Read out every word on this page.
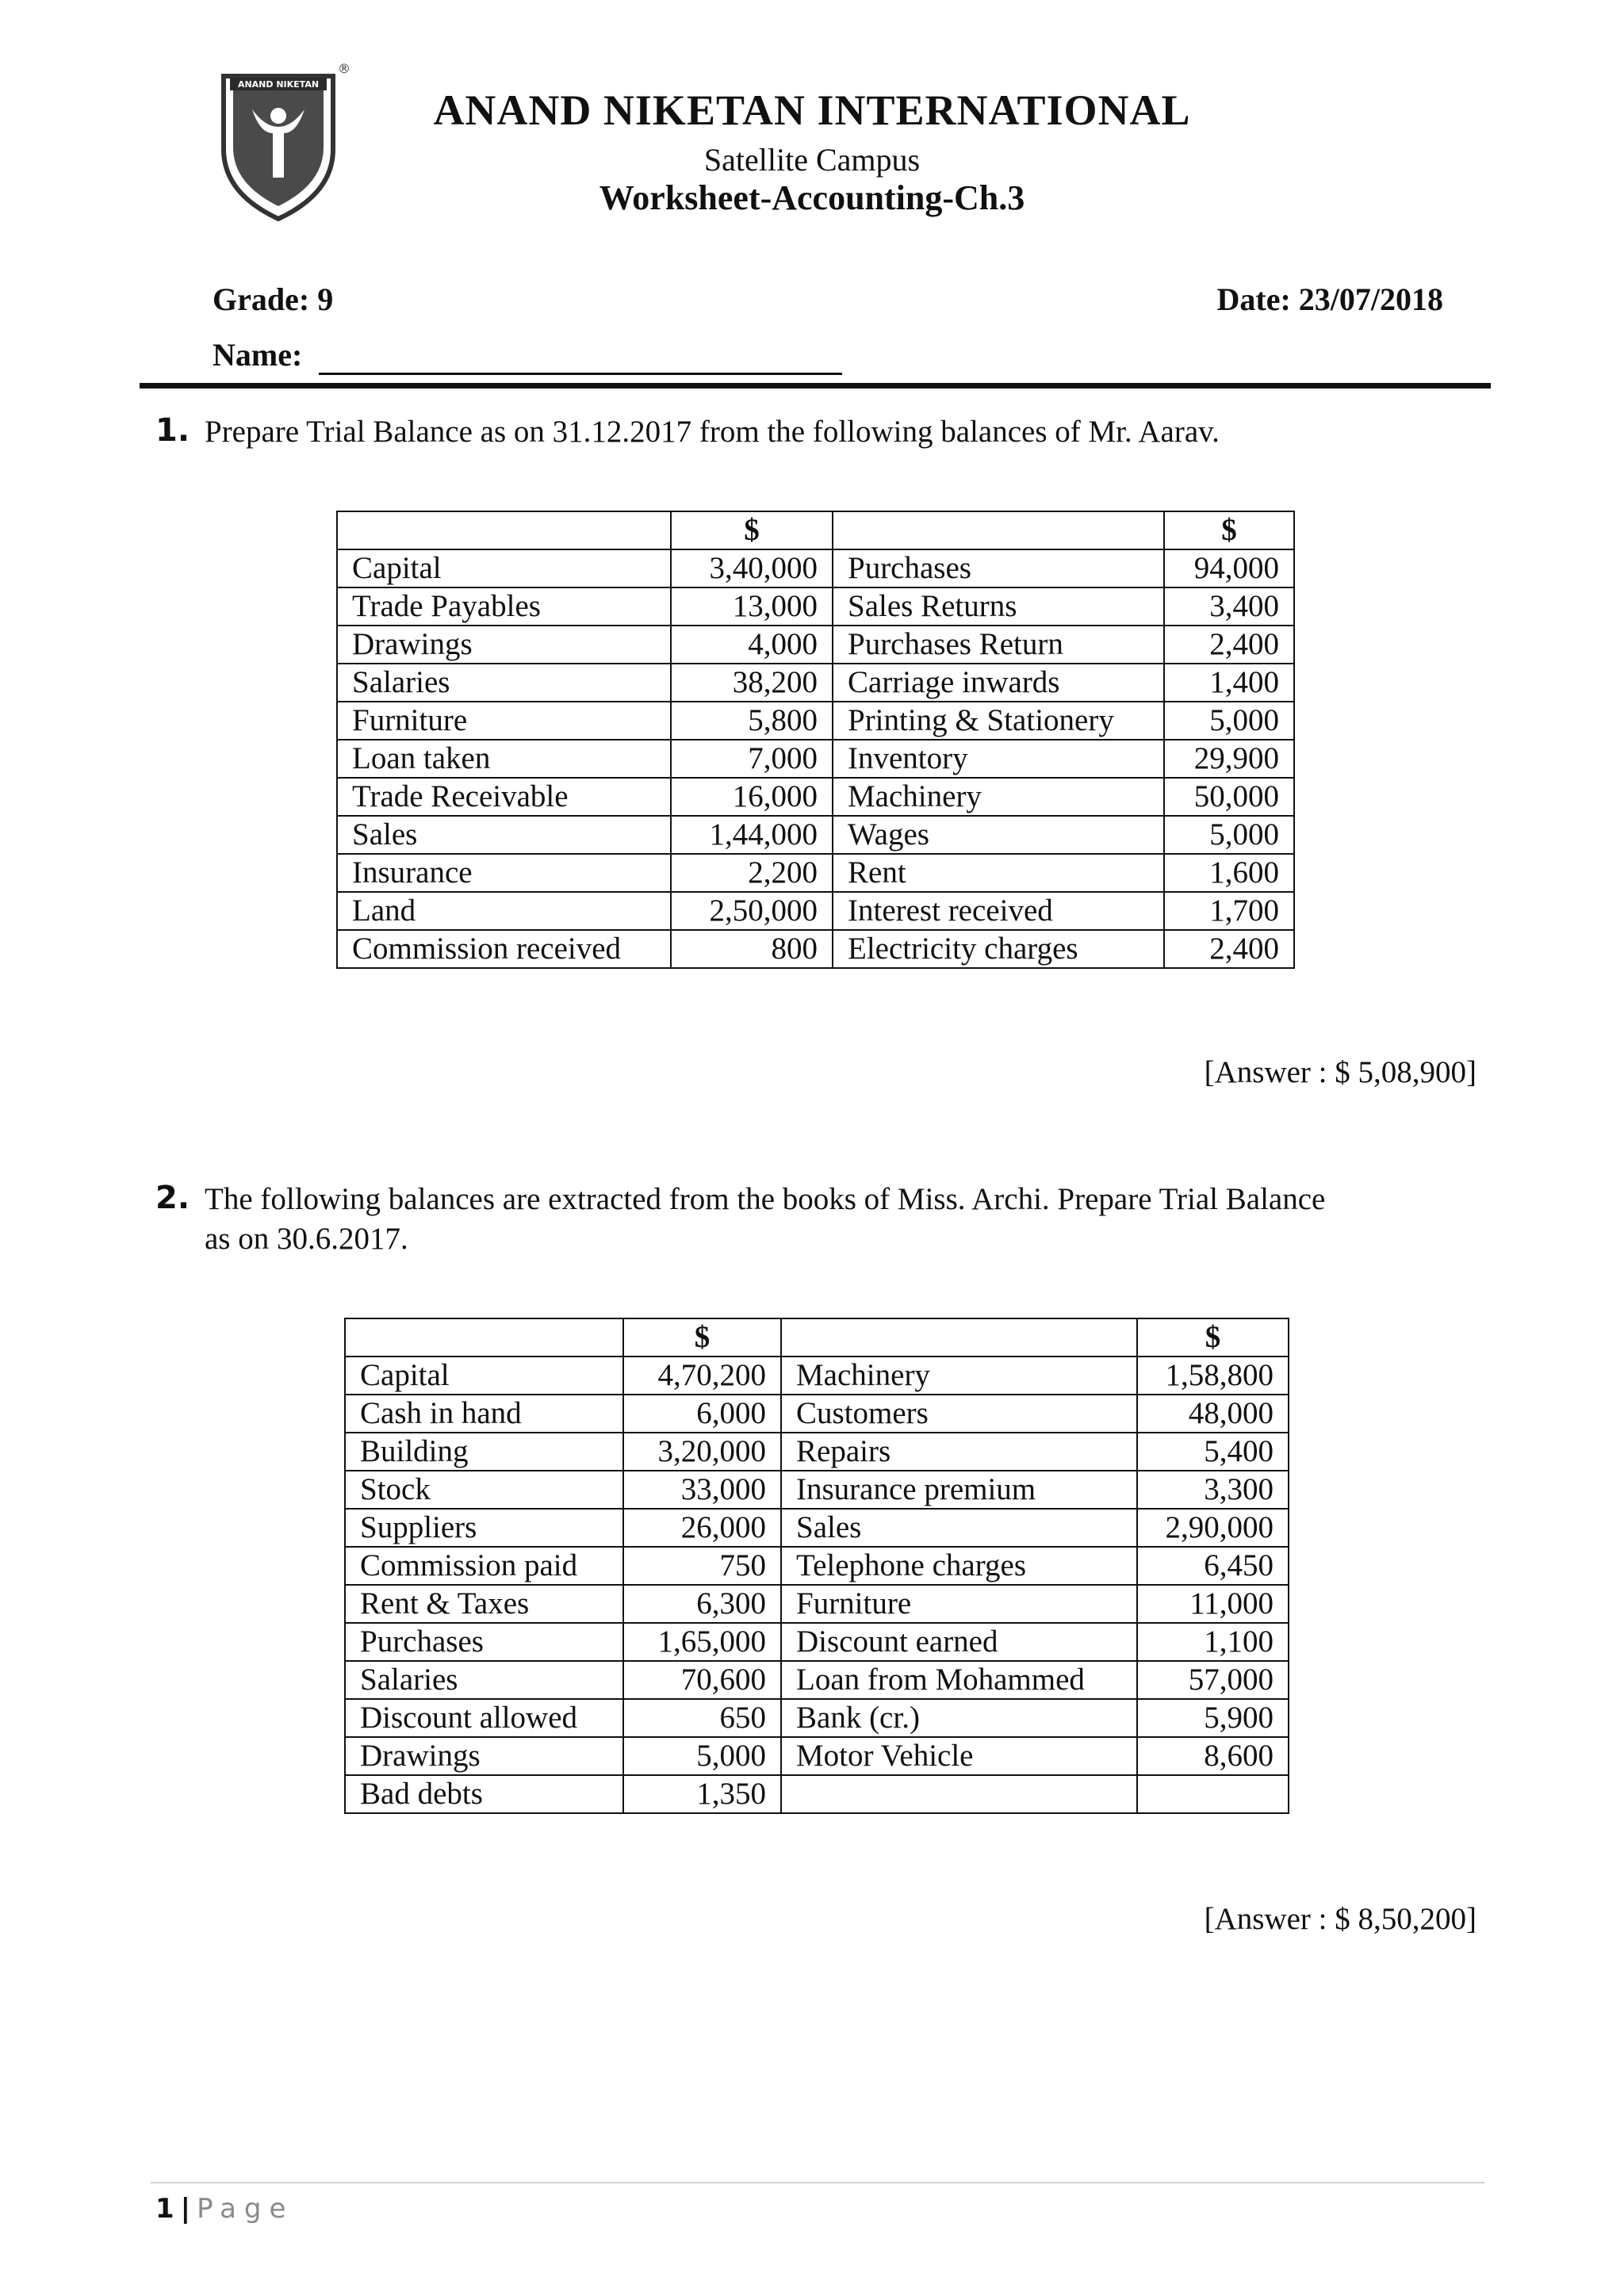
ANAND NIKETAN
®
ANAND NIKETAN INTERNATIONAL
Satellite Campus
Worksheet-Accounting-Ch.3
Grade: 9	Date: 23/07/2018
Name:
1. Prepare Trial Balance as on 31.12.2017 from the following balances of Mr. Aarav.
	$		$
Capital	3,40,000	Purchases	94,000
Trade Payables	13,000	Sales Returns	3,400
Drawings	4,000	Purchases Return	2,400
Salaries	38,200	Carriage inwards	1,400
Furniture	5,800	Printing & Stationery	5,000
Loan taken	7,000	Inventory	29,900
Trade Receivable	16,000	Machinery	50,000
Sales	1,44,000	Wages	5,000
Insurance	2,200	Rent	1,600
Land	2,50,000	Interest received	1,700
Commission received	800	Electricity charges	2,400
[Answer : $ 5,08,900]
2. The following balances are extracted from the books of Miss. Archi. Prepare Trial Balance
as on 30.6.2017.
	$		$
Capital	4,70,200	Machinery	1,58,800
Cash in hand	6,000	Customers	48,000
Building	3,20,000	Repairs	5,400
Stock	33,000	Insurance premium	3,300
Suppliers	26,000	Sales	2,90,000
Commission paid	750	Telephone charges	6,450
Rent & Taxes	6,300	Furniture	11,000
Purchases	1,65,000	Discount earned	1,100
Salaries	70,600	Loan from Mohammed	57,000
Discount allowed	650	Bank (cr.)	5,900
Drawings	5,000	Motor Vehicle	8,600
Bad debts	1,350		
[Answer : $ 8,50,200]
1 | Page
